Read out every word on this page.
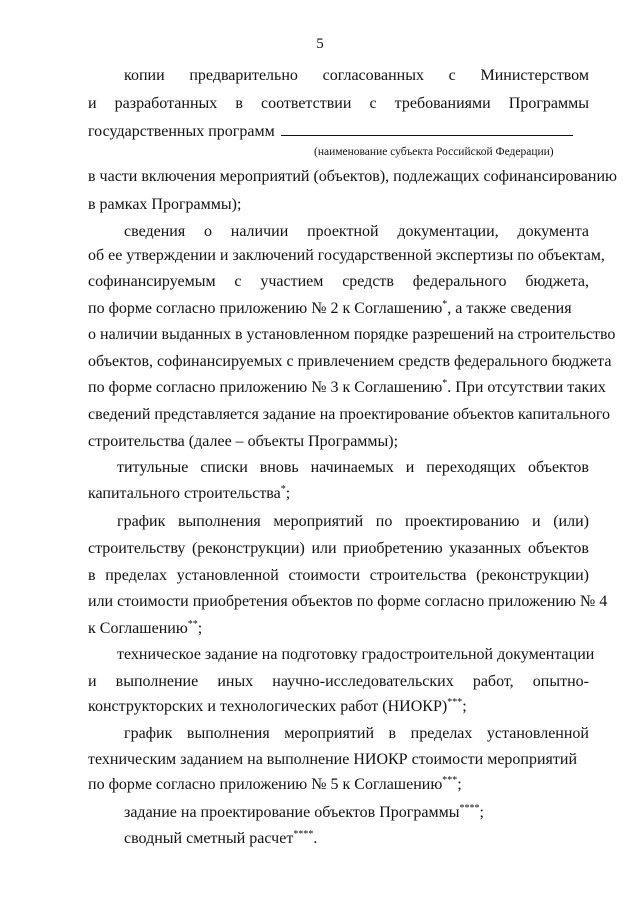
5
копии предварительно согласованных с Министерством
и разработанных в соответствии с требованиями Программы
государственных программ
(наименование субъекта Российской Федерации)
в части включения мероприятий (объектов), подлежащих софинансированию
в рамках Программы);
сведения о наличии проектной документации, документа
об ее утверждении и заключений государственной экспертизы по объектам,
софинансируемым с участием средств федерального бюджета,
по форме согласно приложению № 2 к Соглашению*, а также сведения
о наличии выданных в установленном порядке разрешений на строительство
объектов, софинансируемых с привлечением средств федерального бюджета
по форме согласно приложению № 3 к Соглашению*. При отсутствии таких
сведений представляется задание на проектирование объектов капитального
строительства (далее – объекты Программы);
титульные списки вновь начинаемых и переходящих объектов
капитального строительства*;
график выполнения мероприятий по проектированию и (или)
строительству (реконструкции) или приобретению указанных объектов
в пределах установленной стоимости строительства (реконструкции)
или стоимости приобретения объектов по форме согласно приложению № 4
к Соглашению**;
техническое задание на подготовку градостроительной документации
и выполнение иных научно-исследовательских работ, опытно-
конструкторских и технологических работ (НИОКР)***;
график выполнения мероприятий в пределах установленной
техническим заданием на выполнение НИОКР стоимости мероприятий
по форме согласно приложению № 5 к Соглашению***;
задание на проектирование объектов Программы****;
сводный сметный расчет****.
